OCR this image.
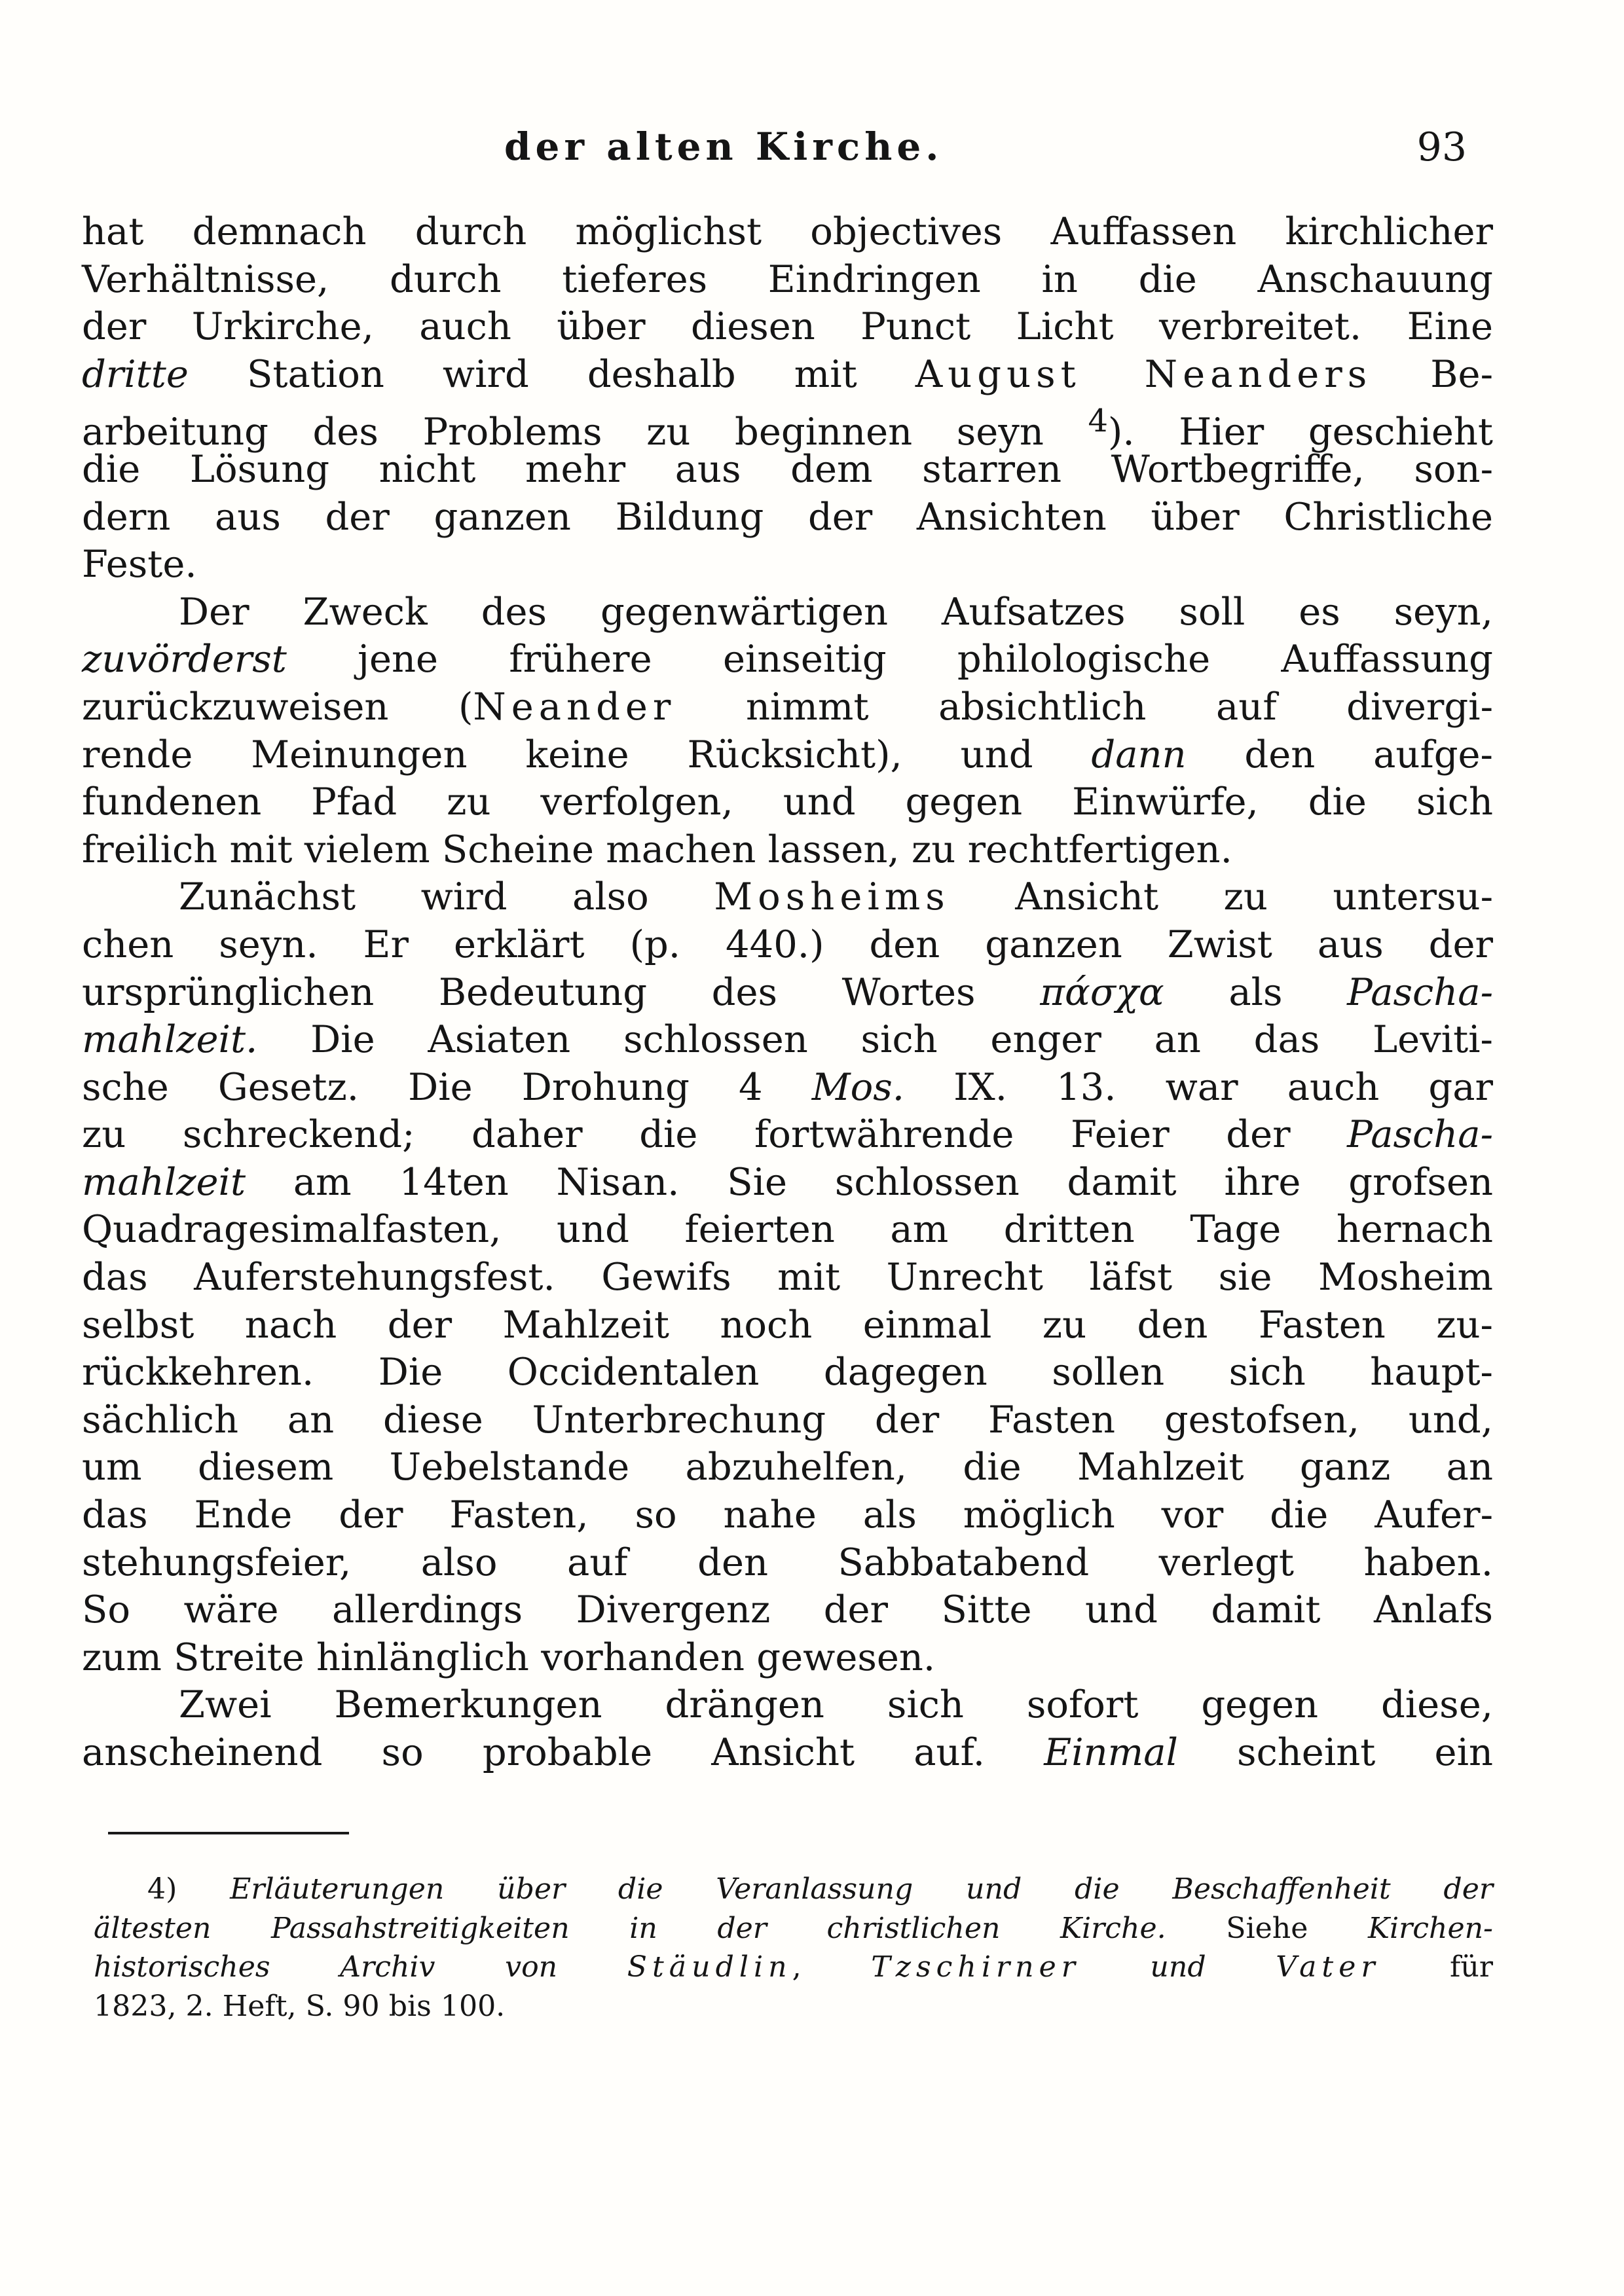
der alten Kirche.	93
hat demnach durch möglichst objectives Auffassen kirchlicher
Verhältnisse, durch tieferes Eindringen in die Anschauung
der Urkirche, auch über diesen Punct Licht verbreitet. Eine
dritte Station wird deshalb mit August Neanders Be-
arbeitung des Problems zu beginnen seyn $^4$). Hier geschieht
die Lösung nicht mehr aus dem starren Wortbegriffe, son-
dern aus der ganzen Bildung der Ansichten über Christliche
Feste.
Der Zweck des gegenwärtigen Aufsatzes soll es seyn,
zuvörderst jene frühere einseitig philologische Auffassung
zurückzuweisen (Neander nimmt absichtlich auf divergi-
rende Meinungen keine Rücksicht), und dann den aufge-
fundenen Pfad zu verfolgen, und gegen Einwürfe, die sich
freilich mit vielem Scheine machen lassen, zu rechtfertigen.
Zunächst wird also Mosheims Ansicht zu untersu-
chen seyn. Er erklärt (p. 440.) den ganzen Zwist aus der
ursprünglichen Bedeutung des Wortes πάσχα als Pascha-
mahlzeit. Die Asiaten schlossen sich enger an das Leviti-
sche Gesetz. Die Drohung 4 Mos. IX. 13. war auch gar
zu schreckend; daher die fortwährende Feier der Pascha-
mahlzeit am 14ten Nisan. Sie schlossen damit ihre grofsen
Quadragesimalfasten, und feierten am dritten Tage hernach
das Auferstehungsfest. Gewifs mit Unrecht läfst sie Mosheim
selbst nach der Mahlzeit noch einmal zu den Fasten zu-
rückkehren. Die Occidentalen dagegen sollen sich haupt-
sächlich an diese Unterbrechung der Fasten gestofsen, und,
um diesem Uebelstande abzuhelfen, die Mahlzeit ganz an
das Ende der Fasten, so nahe als möglich vor die Aufer-
stehungsfeier, also auf den Sabbatabend verlegt haben.
So wäre allerdings Divergenz der Sitte und damit Anlafs
zum Streite hinlänglich vorhanden gewesen.
Zwei Bemerkungen drängen sich sofort gegen diese,
anscheinend so probable Ansicht auf. Einmal scheint ein
4) Erläuterungen über die Veranlassung und die Beschaffenheit der
ältesten Passahstreitigkeiten in der christlichen Kirche. Siehe Kirchen-
historisches Archiv von Stäudlin, Tzschirner und Vater für
1823, 2. Heft, S. 90 bis 100.
